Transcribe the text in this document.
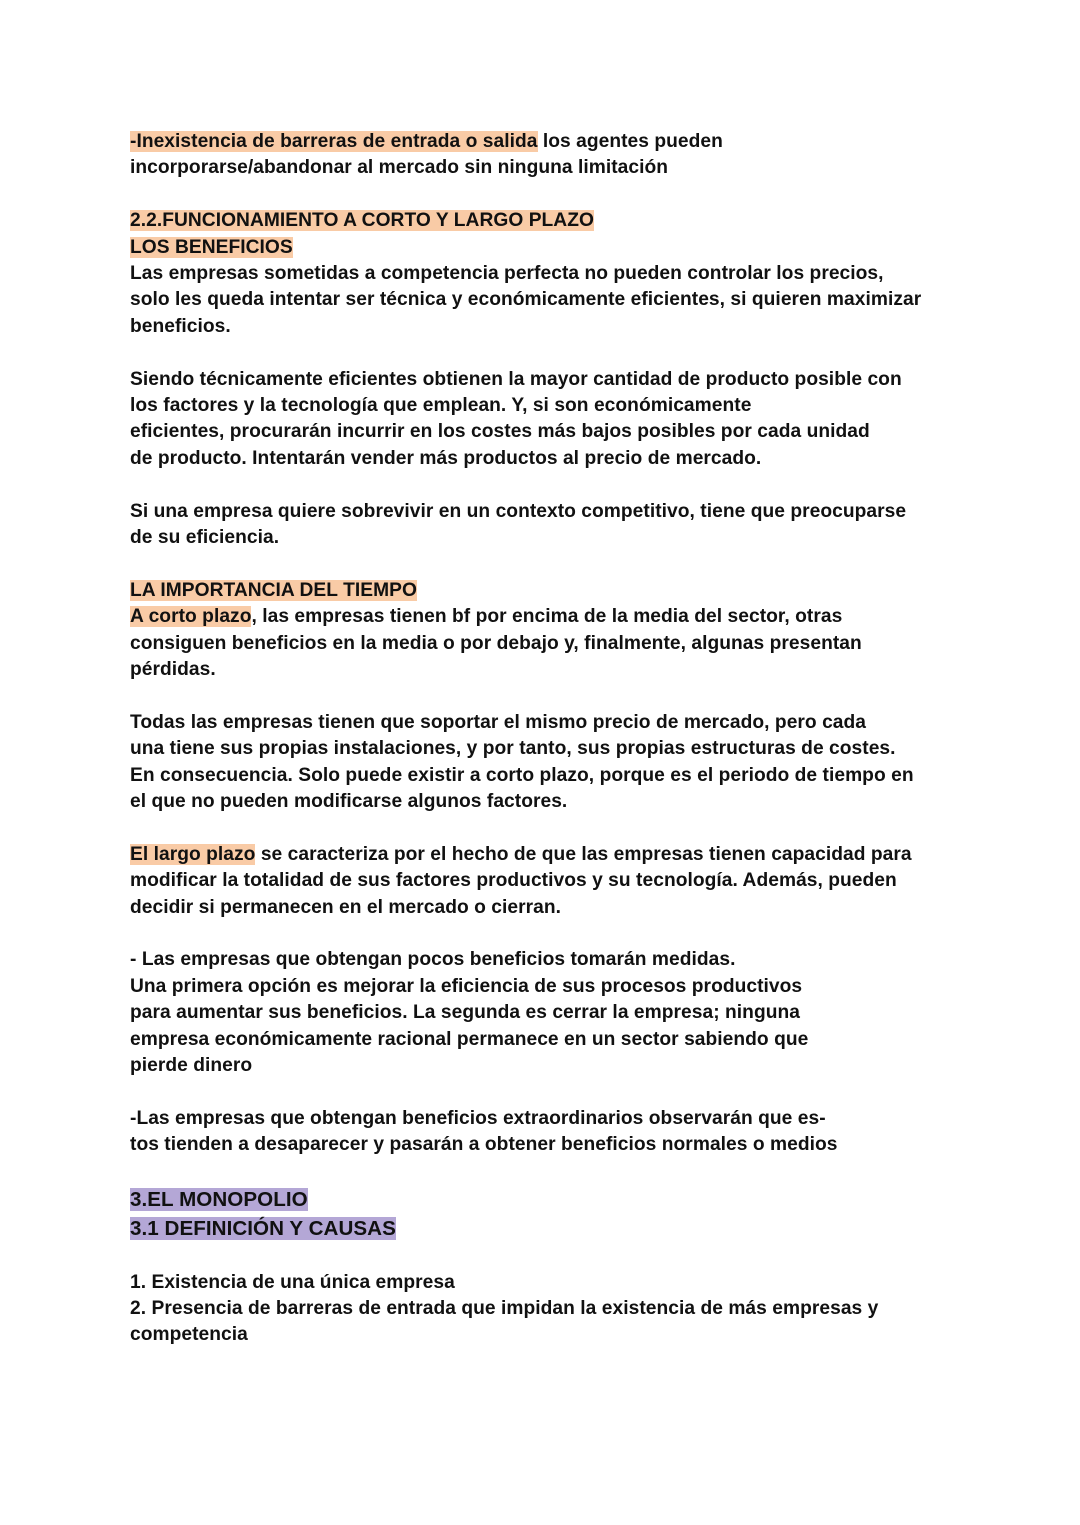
-Inexistencia de barreras de entrada o salida los agentes pueden
incorporarse/abandonar al mercado sin ninguna limitación
2.2.FUNCIONAMIENTO A CORTO Y LARGO PLAZO
LOS BENEFICIOS
Las empresas sometidas a competencia perfecta no pueden controlar los precios,
solo les queda intentar ser técnica y económicamente eficientes, si quieren maximizar
beneficios.
Siendo técnicamente eficientes obtienen la mayor cantidad de producto posible con
los factores y la tecnología que emplean. Y, si son económicamente
eficientes, procurarán incurrir en los costes más bajos posibles por cada unidad
de producto. Intentarán vender más productos al precio de mercado.
Si una empresa quiere sobrevivir en un contexto competitivo, tiene que preocuparse
de su eficiencia.
LA IMPORTANCIA DEL TIEMPO
A corto plazo, las empresas tienen bf por encima de la media del sector, otras
consiguen beneficios en la media o por debajo y, finalmente, algunas presentan
pérdidas.
Todas las empresas tienen que soportar el mismo precio de mercado, pero cada
una tiene sus propias instalaciones, y por tanto, sus propias estructuras de costes.
En consecuencia. Solo puede existir a corto plazo, porque es el periodo de tiempo en
el que no pueden modificarse algunos factores.
El largo plazo se caracteriza por el hecho de que las empresas tienen capacidad para
modificar la totalidad de sus factores productivos y su tecnología. Además, pueden
decidir si permanecen en el mercado o cierran.
- Las empresas que obtengan pocos beneficios tomarán medidas.
Una primera opción es mejorar la eficiencia de sus procesos productivos
para aumentar sus beneficios. La segunda es cerrar la empresa; ninguna
empresa económicamente racional permanece en un sector sabiendo que
pierde dinero
-Las empresas que obtengan beneficios extraordinarios observarán que es-
tos tienden a desaparecer y pasarán a obtener beneficios normales o medios
3.EL MONOPOLIO
3.1 DEFINICIÓN Y CAUSAS
1. Existencia de una única empresa
2. Presencia de barreras de entrada que impidan la existencia de más empresas y
competencia
